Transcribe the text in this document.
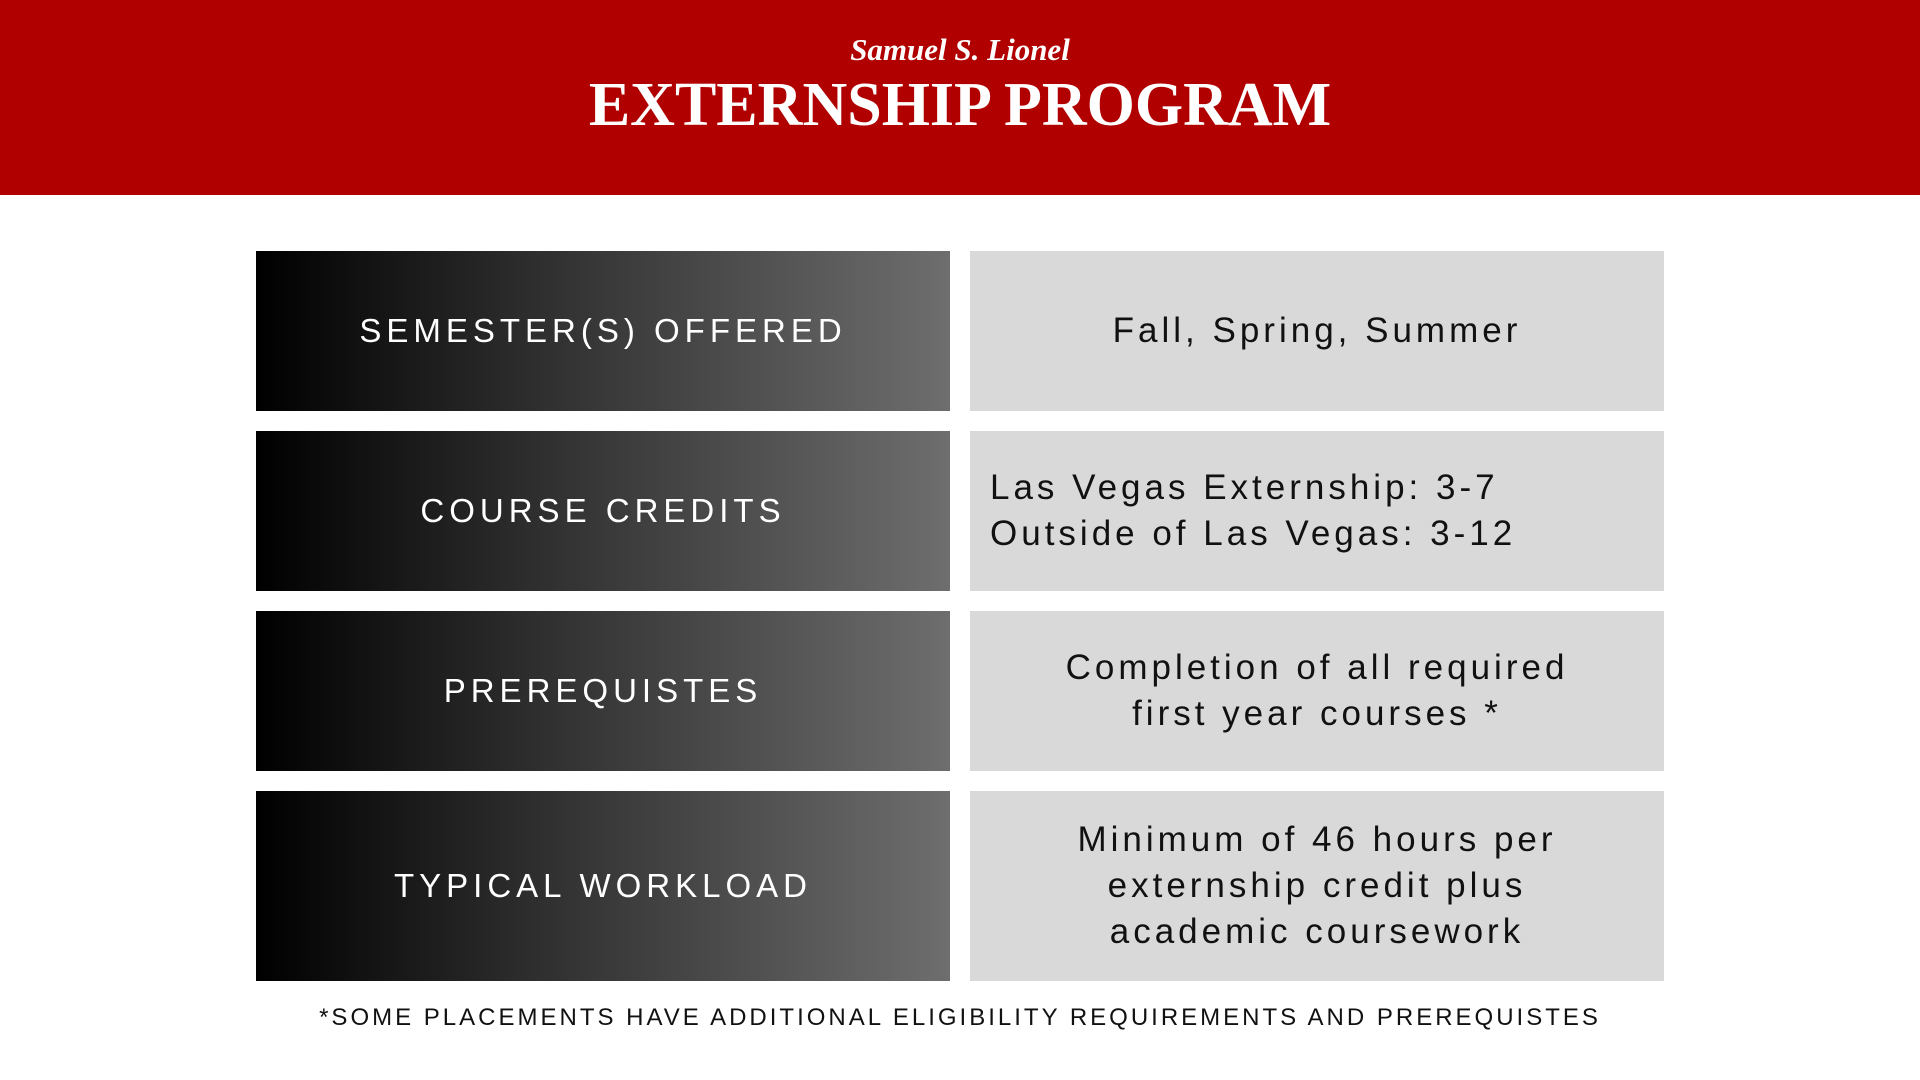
Samuel S. Lionel
EXTERNSHIP PROGRAM
SEMESTER(S) OFFERED	Fall, Spring, Summer
COURSE CREDITS
Las Vegas Externship: 3-7
Outside of Las Vegas: 3-12
PREREQUISTES
Completion of all required
first year courses *
TYPICAL WORKLOAD
Minimum of 46 hours per
externship credit plus
academic coursework
*SOME PLACEMENTS HAVE ADDITIONAL ELIGIBILITY REQUIREMENTS AND PREREQUISTES
